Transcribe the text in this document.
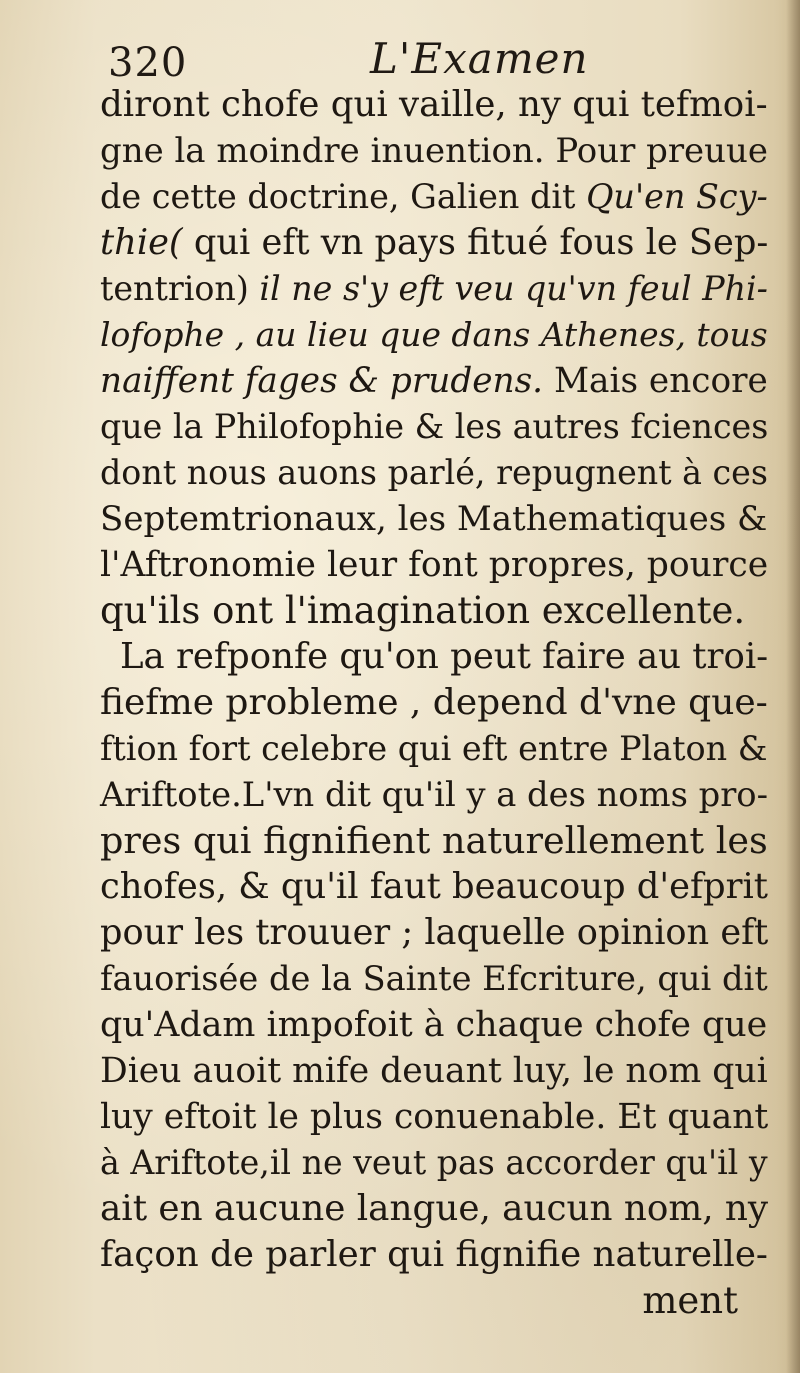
320	L'Examen
diront chofe qui vaille, ny qui tefmoi-
gne la moindre inuention. Pour preuue
de cette doctrine, Galien dit Qu'en Scy-
thie( qui eft vn pays fitué fous le Sep-
tentrion) il ne s'y eft veu qu'vn feul Phi-
lofophe , au lieu que dans Athenes, tous
naiffent fages & prudens. Mais encore
que la Philofophie & les autres fciences
dont nous auons parlé, repugnent à ces
Septemtrionaux, les Mathematiques &
l'Aftronomie leur font propres, pource
qu'ils ont l'imagination excellente.
La refponfe qu'on peut faire au troi-
fiefme probleme , depend d'vne que-
ftion fort celebre qui eft entre Platon &
Ariftote.L'vn dit qu'il y a des noms pro-
pres qui fignifient naturellement les
chofes, & qu'il faut beaucoup d'efprit
pour les trouuer ; laquelle opinion eft
fauorisée de la Sainte Efcriture, qui dit
qu'Adam impofoit à chaque chofe que
Dieu auoit mife deuant luy, le nom qui
luy eftoit le plus conuenable. Et quant
à Ariftote,il ne veut pas accorder qu'il y
ait en aucune langue, aucun nom, ny
façon de parler qui fignifie naturelle-
ment
